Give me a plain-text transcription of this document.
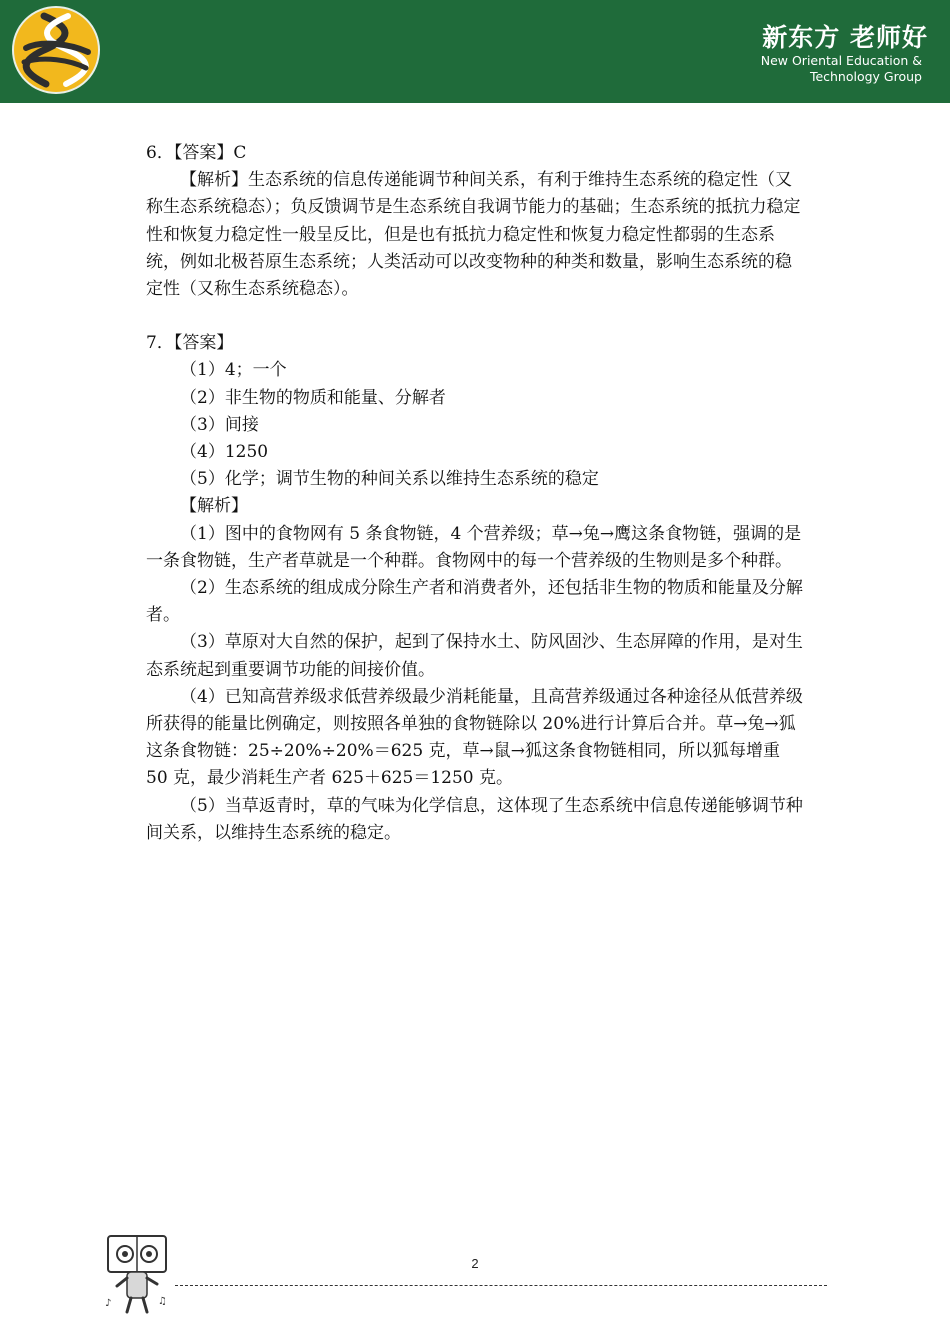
新东方 老师好
New Oriental Education &
Technology Group

6．【答案】C

【解析】生态系统的信息传递能调节种间关系，有利于维持生态系统的稳定性（又称生态系统稳态）；负反馈调节是生态系统自我调节能力的基础；生态系统的抵抗力稳定性和恢复力稳定性一般呈反比，但是也有抵抗力稳定性和恢复力稳定性都弱的生态系统，例如北极苔原生态系统；人类活动可以改变物种的种类和数量，影响生态系统的稳定性（又称生态系统稳态）。

7．【答案】

（1）4；一个

（2）非生物的物质和能量、分解者

（3）间接

（4）1250

（5）化学；调节生物的种间关系以维持生态系统的稳定

【解析】

（1）图中的食物网有 5 条食物链，4 个营养级；草→兔→鹰这条食物链，强调的是一条食物链，生产者草就是一个种群。食物网中的每一个营养级的生物则是多个种群。

（2）生态系统的组成成分除生产者和消费者外，还包括非生物的物质和能量及分解者。

（3）草原对大自然的保护，起到了保持水土、防风固沙、生态屏障的作用，是对生态系统起到重要调节功能的间接价值。

（4）已知高营养级求低营养级最少消耗能量，且高营养级通过各种途径从低营养级所获得的能量比例确定，则按照各单独的食物链除以 20%进行计算后合并。草→兔→狐这条食物链：25÷20%÷20%＝625 克，草→鼠→狐这条食物链相同，所以狐每增重 50 克，最少消耗生产者 625＋625＝1250 克。

（5）当草返青时，草的气味为化学信息，这体现了生态系统中信息传递能够调节种间关系，以维持生态系统的稳定。

♪	♫
2
